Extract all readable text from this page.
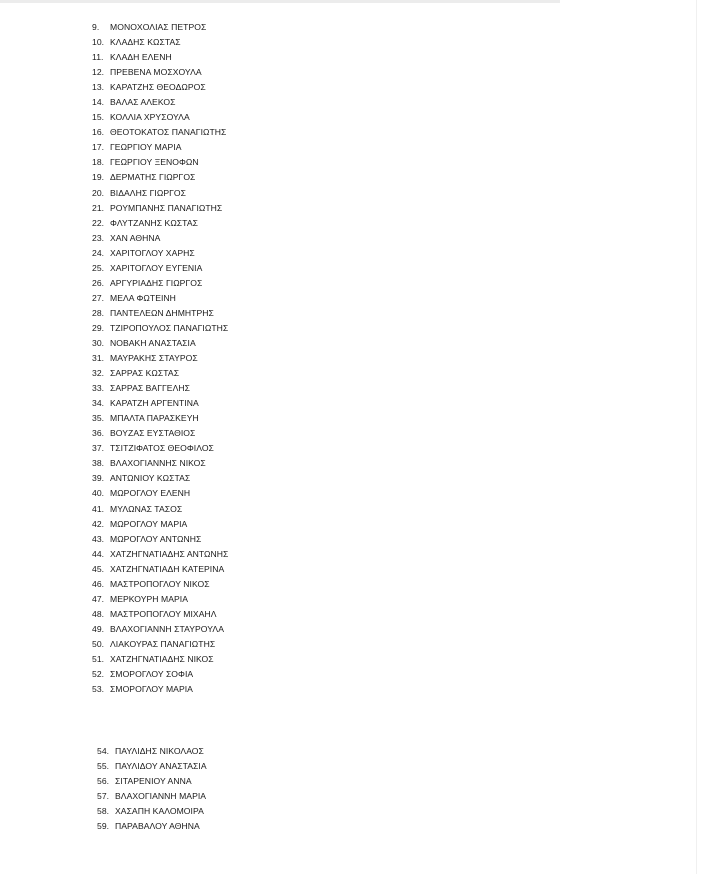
9. ΜΟΝΟΧΟΛΙΑΣ ΠΕΤΡΟΣ
10. ΚΛΑΔΗΣ ΚΩΣΤΑΣ
11. ΚΛΑΔΗ ΕΛΕΝΗ
12. ΠΡΕΒΕΝΑ ΜΟΣΧΟΥΛΑ
13. ΚΑΡΑΤΖΗΣ ΘΕΟΔΩΡΟΣ
14. ΒΑΛΑΣ ΑΛΕΚΟΣ
15. ΚΟΛΛΙΑ ΧΡΥΣΟΥΛΑ
16. ΘΕΟΤΟΚΑΤΟΣ ΠΑΝΑΓΙΩΤΗΣ
17. ΓΕΩΡΓΙΟΥ ΜΑΡΙΑ
18. ΓΕΩΡΓΙΟΥ ΞΕΝΟΦΩΝ
19. ΔΕΡΜΑΤΗΣ ΓΙΩΡΓΟΣ
20. ΒΙΔΑΛΗΣ ΓΙΩΡΓΟΣ
21. ΡΟΥΜΠΑΝΗΣ ΠΑΝΑΓΙΩΤΗΣ
22. ΦΛΥΤΖΑΝΗΣ ΚΩΣΤΑΣ
23. ΧΑΝ ΑΘΗΝΑ
24. ΧΑΡΙΤΟΓΛΟΥ ΧΑΡΗΣ
25. ΧΑΡΙΤΟΓΛΟΥ ΕΥΓΕΝΙΑ
26. ΑΡΓΥΡΙΑΔΗΣ ΓΙΩΡΓΟΣ
27. ΜΕΛΑ ΦΩΤΕΙΝΗ
28. ΠΑΝΤΕΛΕΩΝ ΔΗΜΗΤΡΗΣ
29. ΤΖΙΡΟΠΟΥΛΟΣ ΠΑΝΑΓΙΩΤΗΣ
30. ΝΟΒΑΚΗ ΑΝΑΣΤΑΣΙΑ
31. ΜΑΥΡΑΚΗΣ ΣΤΑΥΡΟΣ
32. ΣΑΡΡΑΣ ΚΩΣΤΑΣ
33. ΣΑΡΡΑΣ ΒΑΓΓΕΛΗΣ
34. ΚΑΡΑΤΖΗ ΑΡΓΕΝΤΙΝΑ
35. ΜΠΑΛΤΑ ΠΑΡΑΣΚΕΥΗ
36. ΒΟΥΖΑΣ ΕΥΣΤΑΘΙΟΣ
37. ΤΣΙΤΖΙΦΑΤΟΣ ΘΕΟΦΙΛΟΣ
38. ΒΛΑΧΟΓΙΑΝΝΗΣ ΝΙΚΟΣ
39. ΑΝΤΩΝΙΟΥ ΚΩΣΤΑΣ
40. ΜΩΡΟΓΛΟΥ ΕΛΕΝΗ
41. ΜΥΛΩΝΑΣ ΤΑΣΟΣ
42. ΜΩΡΟΓΛΟΥ ΜΑΡΙΑ
43. ΜΩΡΟΓΛΟΥ ΑΝΤΩΝΗΣ
44. ΧΑΤΖΗΓΝΑΤΙΑΔΗΣ ΑΝΤΩΝΗΣ
45. ΧΑΤΖΗΓΝΑΤΙΑΔΗ ΚΑΤΕΡΙΝΑ
46. ΜΑΣΤΡΟΠΟΓΛΟΥ ΝΙΚΟΣ
47. ΜΕΡΚΟΥΡΗ ΜΑΡΙΑ
48. ΜΑΣΤΡΟΠΟΓΛΟΥ ΜΙΧΑΗΛ
49. ΒΛΑΧΟΓΙΑΝΝΗ ΣΤΑΥΡΟΥΛΑ
50. ΛΙΑΚΟΥΡΑΣ ΠΑΝΑΓΙΩΤΗΣ
51. ΧΑΤΖΗΓΝΑΤΙΑΔΗΣ ΝΙΚΟΣ
52. ΣΜΟΡΟΓΛΟΥ ΣΟΦΙΑ
53. ΣΜΟΡΟΓΛΟΥ ΜΑΡΙΑ
54. ΠΑΥΛΙΔΗΣ ΝΙΚΟΛΑΟΣ
55. ΠΑΥΛΙΔΟΥ ΑΝΑΣΤΑΣΙΑ
56. ΣΙΤΑΡΕΝΙΟΥ ΑΝΝΑ
57. ΒΛΑΧΟΓΙΑΝΝΗ ΜΑΡΙΑ
58. ΧΑΣΑΠΗ ΚΑΛΟΜΟΙΡΑ
59. ΠΑΡΑΒΑΛΟΥ ΑΘΗΝΑ
